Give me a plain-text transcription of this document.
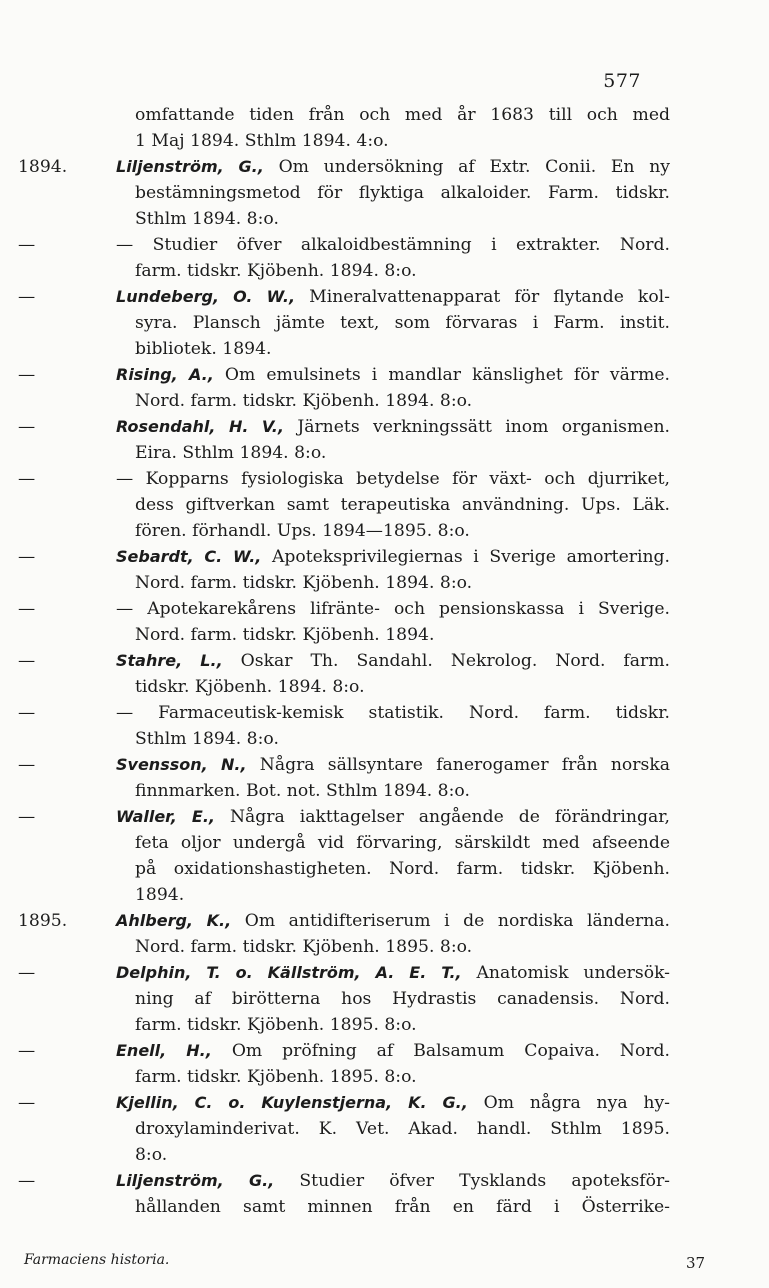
577
omfattande tiden från och med år 1683 till och med
1 Maj 1894. Sthlm 1894. 4:o.
1894.	Liljenström, G., Om undersökning af Extr. Conii. En ny
bestämningsmetod för flyktiga alkaloider. Farm. tidskr.
Sthlm 1894. 8:o.
—	— Studier öfver alkaloidbestämning i extrakter. Nord.
farm. tidskr. Kjöbenh. 1894. 8:o.
—	Lundeberg, O. W., Mineralvattenapparat för flytande kol-
syra. Plansch jämte text, som förvaras i Farm. instit.
bibliotek. 1894.
—	Rising, A., Om emulsinets i mandlar känslighet för värme.
Nord. farm. tidskr. Kjöbenh. 1894. 8:o.
—	Rosendahl, H. V., Järnets verkningssätt inom organismen.
Eira. Sthlm 1894. 8:o.
—	— Kopparns fysiologiska betydelse för växt- och djurriket,
dess giftverkan samt terapeutiska användning. Ups. Läk.
fören. förhandl. Ups. 1894—1895. 8:o.
—	Sebardt, C. W., Apoteksprivilegiernas i Sverige amortering.
Nord. farm. tidskr. Kjöbenh. 1894. 8:o.
—	— Apotekarekårens lifränte- och pensionskassa i Sverige.
Nord. farm. tidskr. Kjöbenh. 1894.
—	Stahre, L., Oskar Th. Sandahl. Nekrolog. Nord. farm.
tidskr. Kjöbenh. 1894. 8:o.
—	— Farmaceutisk-kemisk statistik. Nord. farm. tidskr.
Sthlm 1894. 8:o.
—	Svensson, N., Några sällsyntare fanerogamer från norska
finnmarken. Bot. not. Sthlm 1894. 8:o.
—	Waller, E., Några iakttagelser angående de förändringar,
feta oljor undergå vid förvaring, särskildt med afseende
på oxidationshastigheten. Nord. farm. tidskr. Kjöbenh.
1894.
1895.	Ahlberg, K., Om antidifteriserum i de nordiska länderna.
Nord. farm. tidskr. Kjöbenh. 1895. 8:o.
—	Delphin, T. o. Källström, A. E. T., Anatomisk undersök-
ning af birötterna hos Hydrastis canadensis. Nord.
farm. tidskr. Kjöbenh. 1895. 8:o.
—	Enell, H., Om pröfning af Balsamum Copaiva. Nord.
farm. tidskr. Kjöbenh. 1895. 8:o.
—	Kjellin, C. o. Kuylenstjerna, K. G., Om några nya hy-
droxylaminderivat. K. Vet. Akad. handl. Sthlm 1895.
8:o.
—	Liljenström, G., Studier öfver Tysklands apoteksför-
hållanden samt minnen från en färd i Österrike-
Farmaciens historia.	37
